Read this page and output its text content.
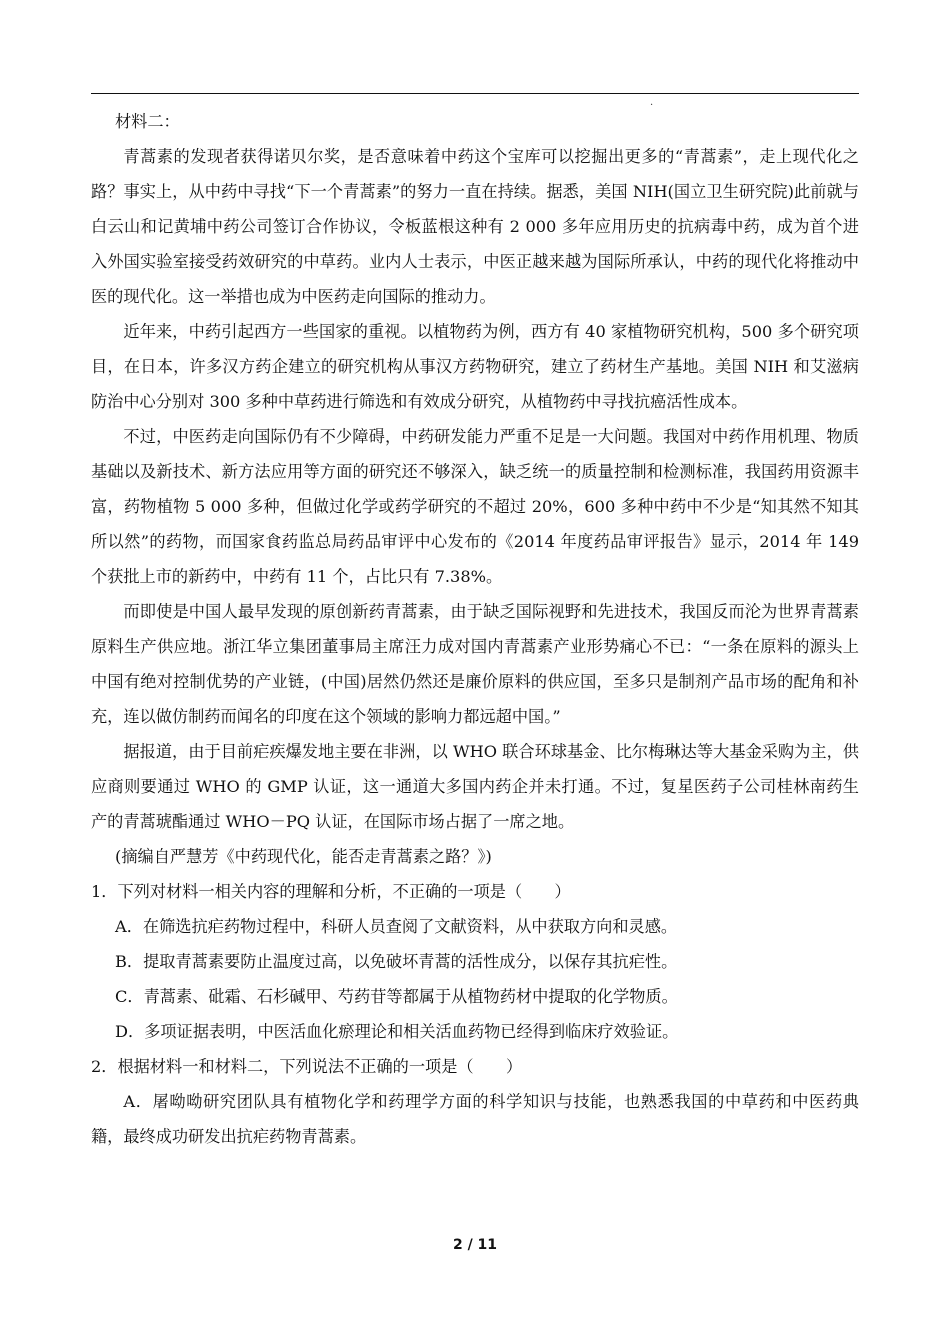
·

材料二：

青蒿素的发现者获得诺贝尔奖，是否意味着中药这个宝库可以挖掘出更多的“青蒿素”，走上现代化之路？事实上，从中药中寻找“下一个青蒿素”的努力一直在持续。据悉，美国 NIH(国立卫生研究院)此前就与白云山和记黄埔中药公司签订合作协议，令板蓝根这种有 2 000 多年应用历史的抗病毒中药，成为首个进入外国实验室接受药效研究的中草药。业内人士表示，中医正越来越为国际所承认，中药的现代化将推动中医的现代化。这一举措也成为中医药走向国际的推动力。

近年来，中药引起西方一些国家的重视。以植物药为例，西方有 40 家植物研究机构，500 多个研究项目，在日本，许多汉方药企建立的研究机构从事汉方药物研究，建立了药材生产基地。美国 NIH 和艾滋病防治中心分别对 300 多种中草药进行筛选和有效成分研究，从植物药中寻找抗癌活性成本。

不过，中医药走向国际仍有不少障碍，中药研发能力严重不足是一大问题。我国对中药作用机理、物质基础以及新技术、新方法应用等方面的研究还不够深入，缺乏统一的质量控制和检测标准，我国药用资源丰富，药物植物 5 000 多种，但做过化学或药学研究的不超过 20%，600 多种中药中不少是“知其然不知其所以然”的药物，而国家食药监总局药品审评中心发布的《2014 年度药品审评报告》显示，2014 年 149 个获批上市的新药中，中药有 11 个，占比只有 7.38%。

而即使是中国人最早发现的原创新药青蒿素，由于缺乏国际视野和先进技术，我国反而沦为世界青蒿素原料生产供应地。浙江华立集团董事局主席汪力成对国内青蒿素产业形势痛心不已：“一条在原料的源头上中国有绝对控制优势的产业链，(中国)居然仍然还是廉价原料的供应国，至多只是制剂产品市场的配角和补充，连以做仿制药而闻名的印度在这个领域的影响力都远超中国。”

据报道，由于目前疟疾爆发地主要在非洲，以 WHO 联合环球基金、比尔梅琳达等大基金采购为主，供应商则要通过 WHO 的 GMP 认证，这一通道大多国内药企并未打通。不过，复星医药子公司桂林南药生产的青蒿琥酯通过 WHO－PQ 认证，在国际市场占据了一席之地。

(摘编自严慧芳《中药现代化，能否走青蒿素之路？》)

1．下列对材料一相关内容的理解和分析，不正确的一项是（　　）

A．在筛选抗疟药物过程中，科研人员查阅了文献资料，从中获取方向和灵感。

B．提取青蒿素要防止温度过高，以免破坏青蒿的活性成分，以保存其抗疟性。

C．青蒿素、砒霜、石杉碱甲、芍药苷等都属于从植物药材中提取的化学物质。

D．多项证据表明，中医活血化瘀理论和相关活血药物已经得到临床疗效验证。

2．根据材料一和材料二，下列说法不正确的一项是（　　）

A．屠呦呦研究团队具有植物化学和药理学方面的科学知识与技能，也熟悉我国的中草药和中医药典籍，最终成功研发出抗疟药物青蒿素。

2 / 11
